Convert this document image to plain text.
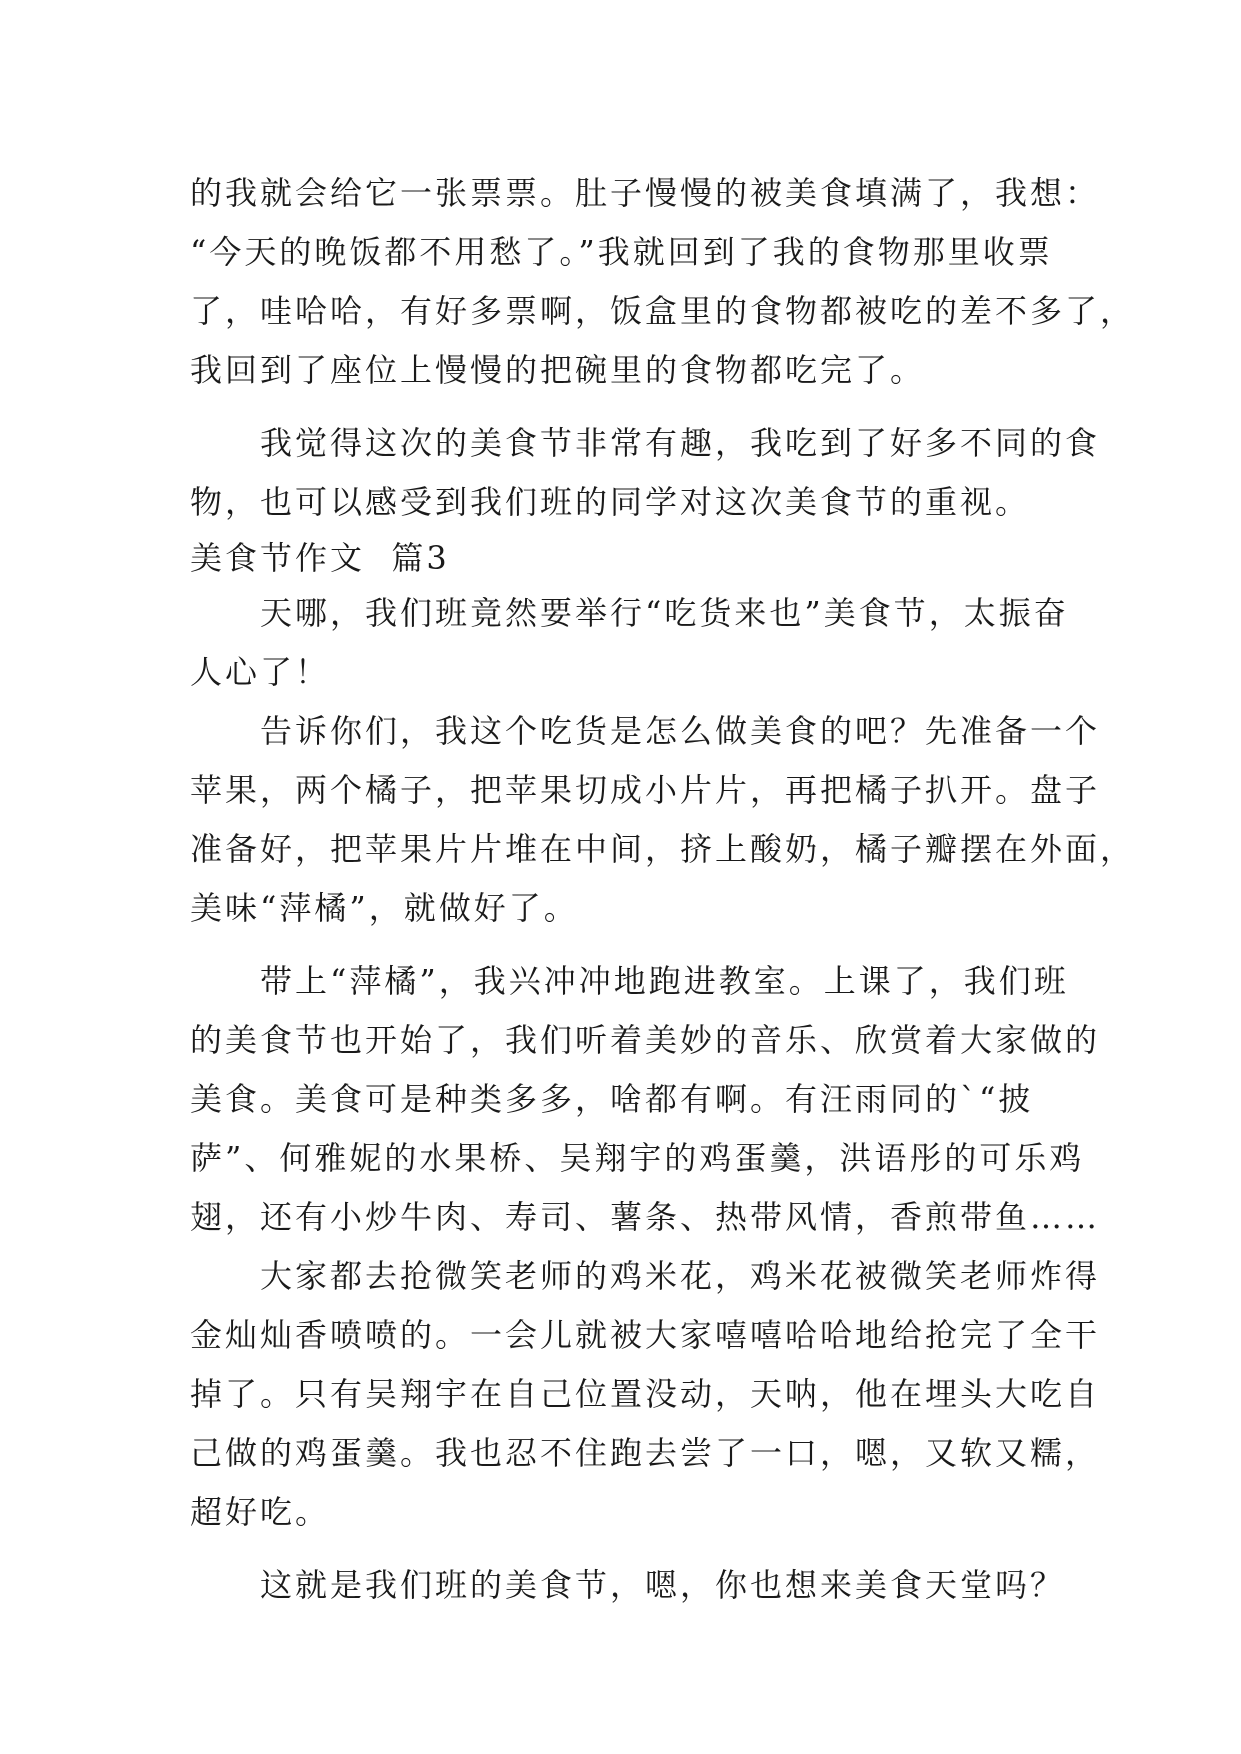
的我就会给它一张票票。肚子慢慢的被美食填满了，我想：
“今天的晚饭都不用愁了。”我就回到了我的食物那里收票
了，哇哈哈，有好多票啊，饭盒里的食物都被吃的差不多了，
我回到了座位上慢慢的把碗里的食物都吃完了。
我觉得这次的美食节非常有趣，我吃到了好多不同的食
物，也可以感受到我们班的同学对这次美食节的重视。
美食节作文  篇3
天哪，我们班竟然要举行“吃货来也”美食节，太振奋
人心了！
告诉你们，我这个吃货是怎么做美食的吧？先准备一个
苹果，两个橘子，把苹果切成小片片，再把橘子扒开。盘子
准备好，把苹果片片堆在中间，挤上酸奶，橘子瓣摆在外面，
美味“萍橘”，就做好了。
带上“萍橘”，我兴冲冲地跑进教室。上课了，我们班
的美食节也开始了，我们听着美妙的音乐、欣赏着大家做的
美食。美食可是种类多多，啥都有啊。有汪雨同的`“披
萨”、何雅妮的水果桥、吴翔宇的鸡蛋羹，洪语彤的可乐鸡
翅，还有小炒牛肉、寿司、薯条、热带风情，香煎带鱼……
大家都去抢微笑老师的鸡米花，鸡米花被微笑老师炸得
金灿灿香喷喷的。一会儿就被大家嘻嘻哈哈地给抢完了全干
掉了。只有吴翔宇在自己位置没动，天呐，他在埋头大吃自
己做的鸡蛋羹。我也忍不住跑去尝了一口，嗯，又软又糯，
超好吃。
这就是我们班的美食节，嗯，你也想来美食天堂吗？
